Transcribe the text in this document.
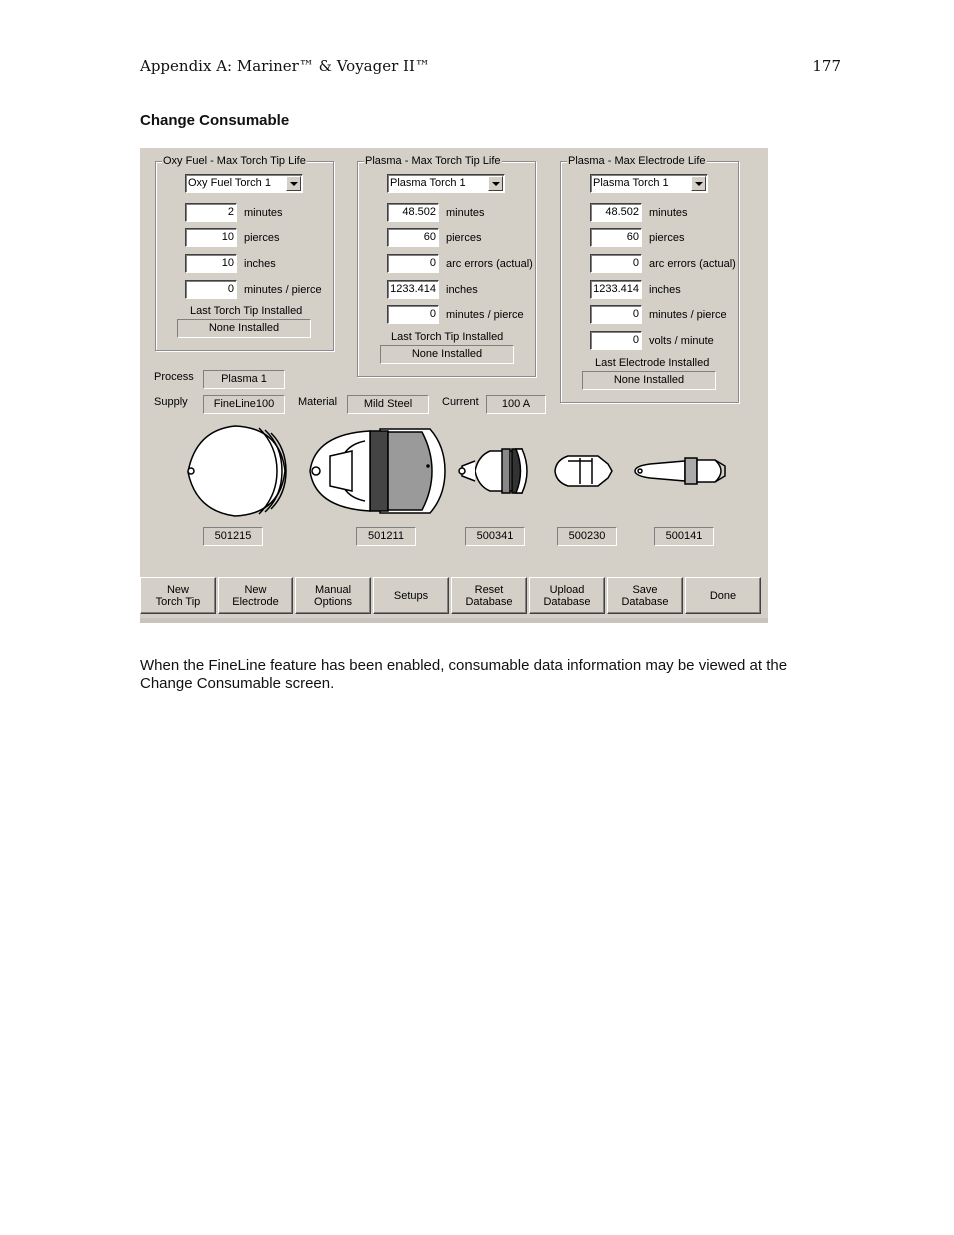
Appendix A: Mariner™ & Voyager II™	177
Change Consumable
Oxy Fuel - Max Torch Tip Life
Oxy Fuel Torch 1
2 minutes
10 pierces
10 inches
0 minutes / pierce
Last Torch Tip Installed
None Installed
Plasma - Max Torch Tip Life
Plasma Torch 1
48.502 minutes
60 pierces
0 arc errors (actual)
1233.414 inches
0 minutes / pierce
Last Torch Tip Installed
None Installed
Plasma - Max Electrode Life
Plasma Torch 1
48.502 minutes
60 pierces
0 arc errors (actual)
1233.414 inches
0 minutes / pierce
0 volts / minute
Last Electrode Installed
None Installed
Process	Plasma 1
Supply	FineLine100	Material	Mild Steel	Current	100 A
501215	501211	500341	500230	500141
New
Torch Tip
New
Electrode
Manual
Options	Setups	Reset
Database
Upload
Database
Save
Database	Done
When the FineLine feature has been enabled, consumable data information may be viewed at the Change Consumable screen.
